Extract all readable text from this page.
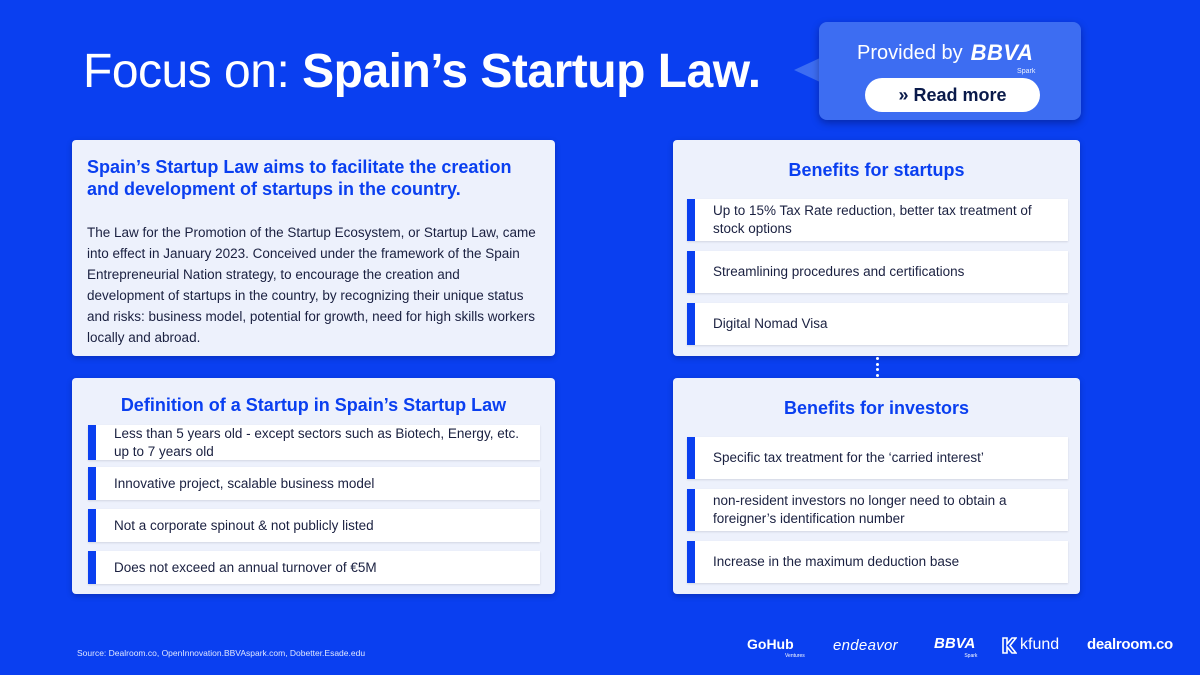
Focus on: Spain’s Startup Law.	Provided by BBVA
Spark
» Read more
Spain’s Startup Law aims to facilitate the creation and development of startups in the country.
The Law for the Promotion of the Startup Ecosystem, or Startup Law, came into effect in January 2023. Conceived under the framework of the Spain Entrepreneurial Nation strategy, to encourage the creation and development of startups in the country, by recognizing their unique status and risks: business model, potential for growth, need for high skills workers locally and abroad.
Definition of a Startup in Spain’s Startup Law
Less than 5 years old - except sectors such as Biotech, Energy, etc. up to 7 years old
Innovative project, scalable business model
Not a corporate spinout & not publicly listed
Does not exceed an annual turnover of €5M
Benefits for startups
Up to 15% Tax Rate reduction, better tax treatment of stock options
Streamlining procedures and certifications
Digital Nomad Visa
Benefits for investors
Specific tax treatment for the ‘carried interest’
non-resident investors no longer need to obtain a foreigner’s identification number
Increase in the maximum deduction base
Source: Dealroom.co, OpenInnovation.BBVAspark.com, Dobetter.Esade.edu
GoHub
Ventures
endeavor BBVA
Spark
kfund dealroom.co
